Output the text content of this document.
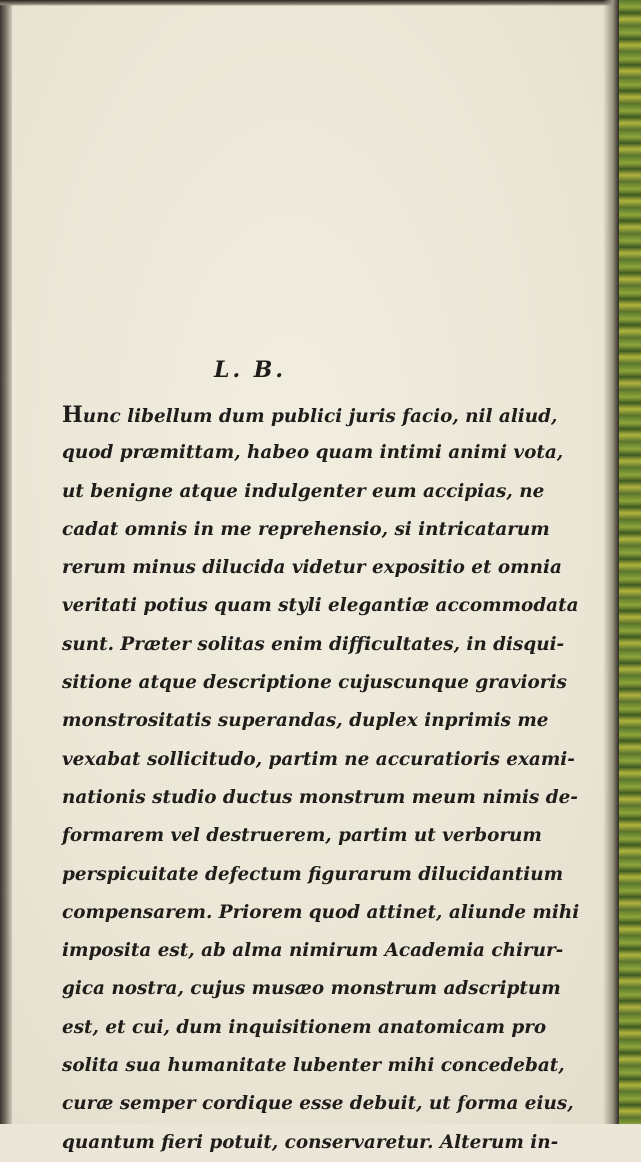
L. B.
Hunc libellum dum publici juris facio, nil aliud,
quod præmittam, habeo quam intimi animi vota,
ut benigne atque indulgenter eum accipias, ne
cadat omnis in me reprehensio, si intricatarum
rerum minus dilucida videtur expositio et omnia
veritati potius quam styli elegantiæ accommodata
sunt. Præter solitas enim difficultates, in disqui-
sitione atque descriptione cujuscunque gravioris
monstrositatis superandas, duplex inprimis me
vexabat sollicitudo, partim ne accuratioris exami-
nationis studio ductus monstrum meum nimis de-
formarem vel destruerem, partim ut verborum
perspicuitate defectum figurarum dilucidantium
compensarem. Priorem quod attinet, aliunde mihi
imposita est, ab alma nimirum Academia chirur-
gica nostra, cujus musæo monstrum adscriptum
est, et cui, dum inquisitionem anatomicam pro
solita sua humanitate lubenter mihi concedebat,
curæ semper cordique esse debuit, ut forma eius,
quantum fieri potuit, conservaretur. Alterum in-
